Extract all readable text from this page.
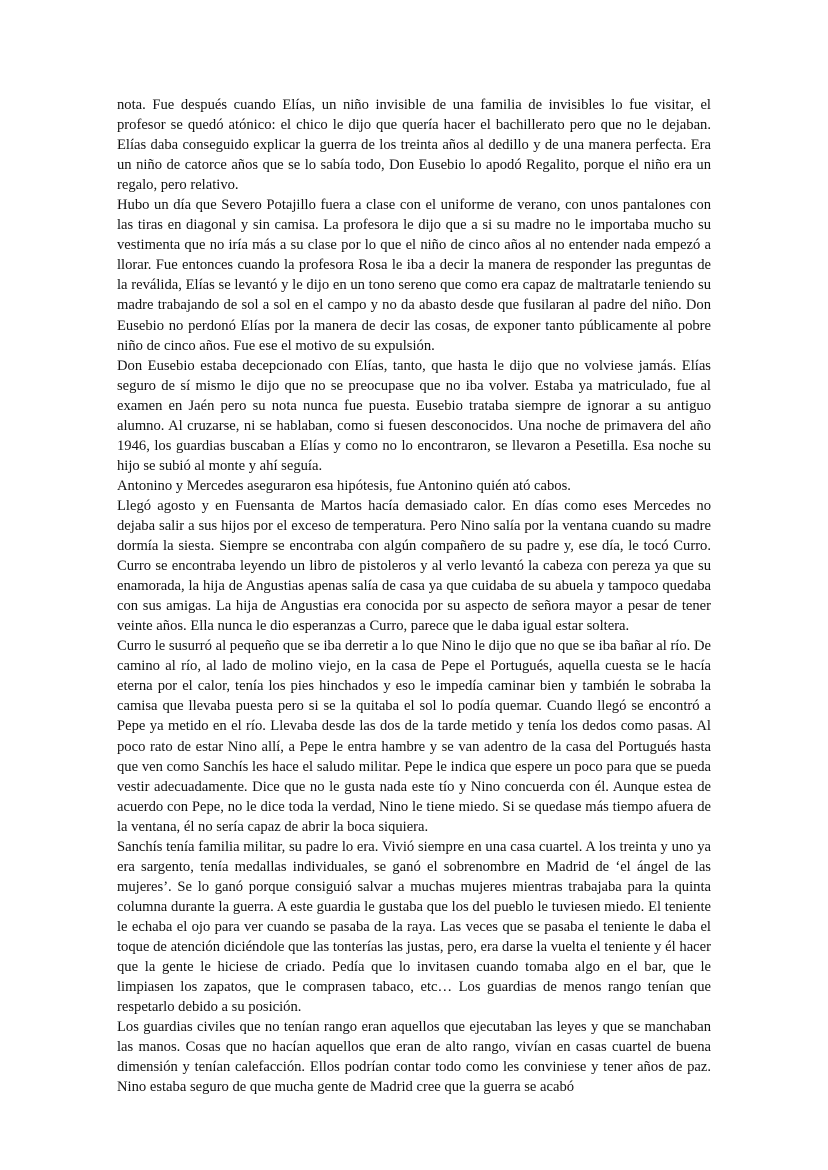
nota. Fue después cuando Elías, un niño invisible de una familia de invisibles lo fue visitar, el profesor se quedó atónico: el chico le dijo que quería hacer el bachillerato pero que no le dejaban. Elías daba conseguido explicar la guerra de los treinta años al dedillo y de una manera perfecta. Era un niño de catorce años que se lo sabía todo, Don Eusebio lo apodó Regalito, porque el niño era un regalo, pero relativo.

Hubo un día que Severo Potajillo fuera a clase con el uniforme de verano, con unos pantalones con las tiras en diagonal y sin camisa. La profesora le dijo que a si su madre no le importaba mucho su vestimenta que no iría más a su clase por lo que el niño de cinco años al no entender nada empezó a llorar. Fue entonces cuando la profesora Rosa le iba a decir la manera de responder las preguntas de la reválida, Elías se levantó y le dijo en un tono sereno que como era capaz de maltratarle teniendo su madre trabajando de sol a sol en el campo y no da abasto desde que fusilaran al padre del niño. Don Eusebio no perdonó Elías por la manera de decir las cosas, de exponer tanto públicamente al pobre niño de cinco años. Fue ese el motivo de su expulsión.

Don Eusebio estaba decepcionado con Elías, tanto, que hasta le dijo que no volviese jamás. Elías seguro de sí mismo le dijo que no se preocupase que no iba volver. Estaba ya matriculado, fue al examen en Jaén pero su nota nunca fue puesta. Eusebio trataba siempre de ignorar a su antiguo alumno. Al cruzarse, ni se hablaban, como si fuesen desconocidos. Una noche de primavera del año 1946, los guardias buscaban a Elías y como no lo encontraron, se llevaron a Pesetilla. Esa noche su hijo se subió al monte y ahí seguía.

Antonino y Mercedes aseguraron esa hipótesis, fue Antonino quién ató cabos.

Llegó agosto y en Fuensanta de Martos hacía demasiado calor. En días como eses Mercedes no dejaba salir a sus hijos por el exceso de temperatura. Pero Nino salía por la ventana cuando su madre dormía la siesta. Siempre se encontraba con algún compañero de su padre y, ese día, le tocó Curro. Curro se encontraba leyendo un libro de pistoleros y al verlo levantó la cabeza con pereza ya que su enamorada, la hija de Angustias apenas salía de casa ya que cuidaba de su abuela y tampoco quedaba con sus amigas. La hija de Angustias era conocida por su aspecto de señora mayor a pesar de tener veinte años. Ella nunca le dio esperanzas a Curro, parece que le daba igual estar soltera.

Curro le susurró al pequeño que se iba derretir a lo que Nino le dijo que no que se iba bañar al río. De camino al río, al lado de molino viejo, en la casa de Pepe el Portugués, aquella cuesta se le hacía eterna por el calor, tenía los pies hinchados y eso le impedía caminar bien y también le sobraba la camisa que llevaba puesta pero si se la quitaba el sol lo podía quemar. Cuando llegó se encontró a Pepe ya metido en el río. Llevaba desde las dos de la tarde metido y tenía los dedos como pasas. Al poco rato de estar Nino allí, a Pepe le entra hambre y se van adentro de la casa del Portugués hasta que ven como Sanchís les hace el saludo militar. Pepe le indica que espere un poco para que se pueda vestir adecuadamente. Dice que no le gusta nada este tío y Nino concuerda con él. Aunque estea de acuerdo con Pepe, no le dice toda la verdad, Nino le tiene miedo. Si se quedase más tiempo afuera de la ventana, él no sería capaz de abrir la boca siquiera.

Sanchís tenía familia militar, su padre lo era. Vivió siempre en una casa cuartel. A los treinta y uno ya era sargento, tenía medallas individuales, se ganó el sobrenombre en Madrid de ‘el ángel de las mujeres’. Se lo ganó porque consiguió salvar a muchas mujeres mientras trabajaba para la quinta columna durante la guerra. A este guardia le gustaba que los del pueblo le tuviesen miedo. El teniente le echaba el ojo para ver cuando se pasaba de la raya. Las veces que se pasaba el teniente le daba el toque de atención diciéndole que las tonterías las justas, pero, era darse la vuelta el teniente y él hacer que la gente le hiciese de criado. Pedía que lo invitasen cuando tomaba algo en el bar, que le limpiasen los zapatos, que le comprasen tabaco, etc… Los guardias de menos rango tenían que respetarlo debido a su posición.

Los guardias civiles que no tenían rango eran aquellos que ejecutaban las leyes y que se manchaban las manos. Cosas que no hacían aquellos que eran de alto rango, vivían en casas cuartel de buena dimensión y tenían calefacción. Ellos podrían contar todo como les conviniese y tener años de paz. Nino estaba seguro de que mucha gente de Madrid cree que la guerra se acabó
